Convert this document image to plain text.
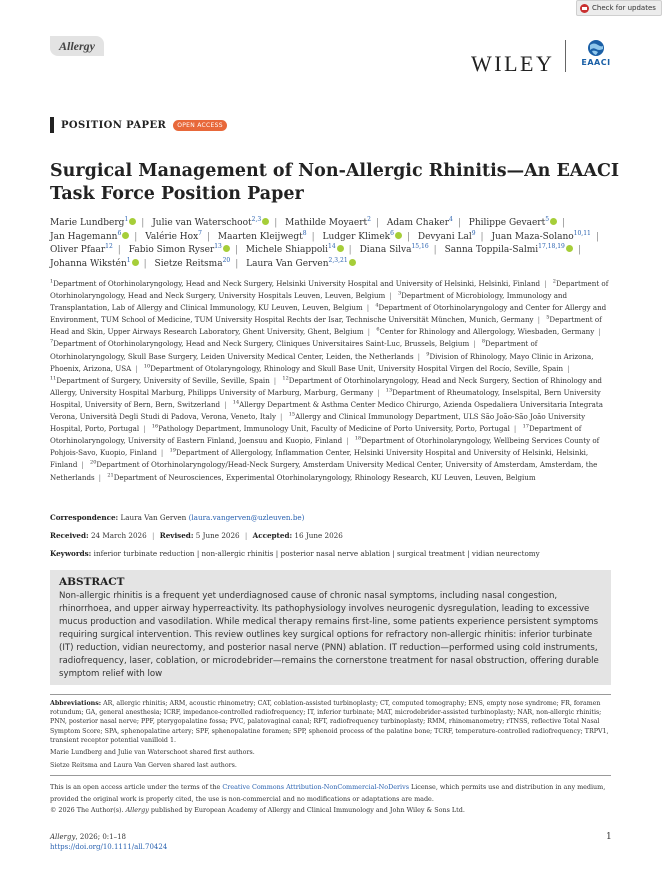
Check for updates
Allergy
WILEY	EAACI
POSITION PAPER	OPEN ACCESS
Surgical Management of Non-Allergic Rhinitis—An EAACI Task Force Position Paper
Marie Lundberg$^1$ | Julie van Waterschoot$^{2,3}$ | Mathilde Moyaert$^2$ | Adam Chaker$^4$ | Philippe Gevaert$^5$ | Jan Hagemann$^6$ | Valérie Hox$^7$ | Maarten Kleijwegt$^8$ | Ludger Klimek$^6$ | Devyani Lal$^9$ | Juan Maza-Solano$^{10,11}$ | Oliver Pfaar$^{12}$ | Fabio Simon Ryser$^{13}$ | Michele Shiappoli$^{14}$ | Diana Silva$^{15,16}$ | Sanna Toppila-Salmi$^{17,18,19}$ | Johanna Wikstén$^1$ | Sietze Reitsma$^{20}$ | Laura Van Gerven$^{2,3,21}$
$^1$Department of Otorhinolaryngology, Head and Neck Surgery, Helsinki University Hospital and University of Helsinki, Helsinki, Finland | $^2$Department of Otorhinolaryngology, Head and Neck Surgery, University Hospitals Leuven, Leuven, Belgium | $^3$Department of Microbiology, Immunology and Transplantation, Lab of Allergy and Clinical Immunology, KU Leuven, Leuven, Belgium | $^4$Department of Otorhinolaryngology and Center for Allergy and Environment, TUM School of Medicine, TUM University Hospital Rechts der Isar, Technische Universität München, Munich, Germany | $^5$Department of Head and Skin, Upper Airways Research Laboratory, Ghent University, Ghent, Belgium | $^6$Center for Rhinology and Allergology, Wiesbaden, Germany | $^7$Department of Otorhinolaryngology, Head and Neck Surgery, Cliniques Universitaires Saint-Luc, Brussels, Belgium | $^8$Department of Otorhinolaryngology, Skull Base Surgery, Leiden University Medical Center, Leiden, the Netherlands | $^9$Division of Rhinology, Mayo Clinic in Arizona, Phoenix, Arizona, USA | $^{10}$Department of Otolaryngology, Rhinology and Skull Base Unit, University Hospital Virgen del Rocío, Seville, Spain | $^{11}$Department of Surgery, University of Seville, Seville, Spain | $^{12}$Department of Otorhinolaryngology, Head and Neck Surgery, Section of Rhinology and Allergy, University Hospital Marburg, Philipps University of Marburg, Marburg, Germany | $^{13}$Department of Rheumatology, Inselspital, Bern University Hospital, University of Bern, Bern, Switzerland | $^{14}$Allergy Department & Asthma Center Medico Chirurgo, Azienda Ospedaliera Universitaria Integrata Verona, Università Degli Studi di Padova, Verona, Veneto, Italy | $^{15}$Allergy and Clinical Immunology Department, ULS São João-São João University Hospital, Porto, Portugal | $^{16}$Pathology Department, Immunology Unit, Faculty of Medicine of Porto University, Porto, Portugal | $^{17}$Department of Otorhinolaryngology, University of Eastern Finland, Joensuu and Kuopio, Finland | $^{18}$Department of Otorhinolaryngology, Wellbeing Services County of Pohjois-Savo, Kuopio, Finland | $^{19}$Department of Allergology, Inflammation Center, Helsinki University Hospital and University of Helsinki, Helsinki, Finland | $^{20}$Department of Otorhinolaryngology/Head-Neck Surgery, Amsterdam University Medical Center, University of Amsterdam, Amsterdam, the Netherlands | $^{21}$Department of Neurosciences, Experimental Otorhinolaryngology, Rhinology Research, KU Leuven, Leuven, Belgium
Correspondence: Laura Van Gerven (laura.vangerven@uzleuven.be)
Received: 24 March 2026 | Revised: 5 June 2026 | Accepted: 16 June 2026
Keywords: inferior turbinate reduction | non-allergic rhinitis | posterior nasal nerve ablation | surgical treatment | vidian neurectomy
ABSTRACT

Non-allergic rhinitis is a frequent yet underdiagnosed cause of chronic nasal symptoms, including nasal congestion, rhinorrhoea, and upper airway hyperreactivity. Its pathophysiology involves neurogenic dysregulation, leading to excessive mucus production and vasodilation. While medical therapy remains first-line, some patients experience persistent symptoms requiring surgical intervention. This review outlines key surgical options for refractory non-allergic rhinitis: inferior turbinate (IT) reduction, vidian neurectomy, and posterior nasal nerve (PNN) ablation. IT reduction—performed using cold instruments, radiofrequency, laser, coblation, or microdebrider—remains the cornerstone treatment for nasal obstruction, offering durable symptom relief with low

Abbreviations: AR, allergic rhinitis; ARM, acoustic rhinometry; CAT, coblation-assisted turbinoplasty; CT, computed tomography; ENS, empty nose syndrome; FR, foramen rotundum; GA, general anesthesia; ICRF, impedance-controlled radiofrequency; IT, inferior turbinate; MAT, microdebrider-assisted turbinoplasty; NAR, non-allergic rhinitis; PNN, posterior nasal nerve; PPF, pterygopalatine fossa; PVC, palatovaginal canal; RFT, radiofrequency turbinoplasty; RMM, rhinomanometry; rTNSS, reflective Total Nasal Symptom Score; SPA, sphenopalatine artery; SPF, sphenopalatine foramen; SPP, sphenoid process of the palatine bone; TCRF, temperature-controlled radiofrequency; TRPV1, transient receptor potential vanilloid 1.
Marie Lundberg and Julie van Waterschoot shared first authors.
Sietze Reitsma and Laura Van Gerven shared last authors.
This is an open access article under the terms of the Creative Commons Attribution-NonCommercial-NoDerivs License, which permits use and distribution in any medium, provided the original work is properly cited, the use is non-commercial and no modifications or adaptations are made.
© 2026 The Author(s). Allergy published by European Academy of Allergy and Clinical Immunology and John Wiley & Sons Ltd.
Allergy, 2026; 0:1–18
https://doi.org/10.1111/all.70424
1
